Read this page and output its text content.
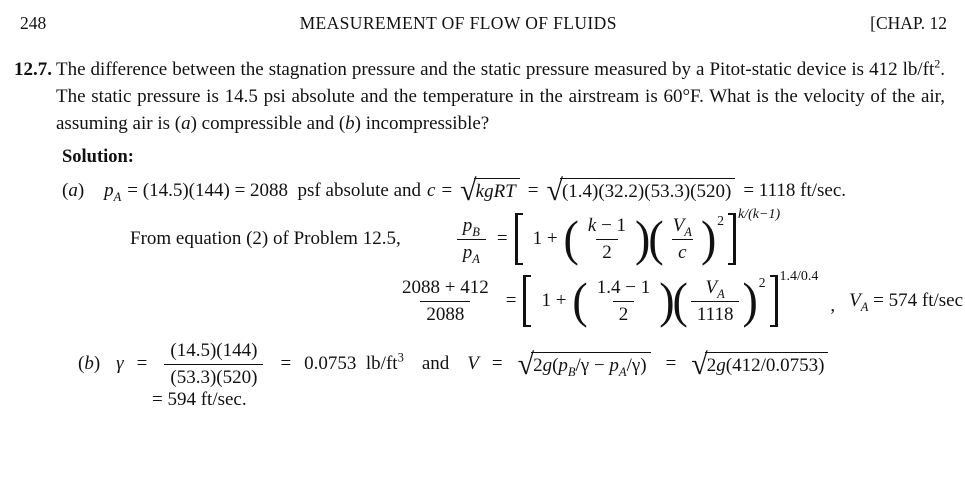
248	MEASUREMENT OF FLOW OF FLUIDS	[CHAP. 12
12.7. The difference between the stagnation pressure and the static pressure measured by a Pitot-static device is 412 $lb/ft^2$. The static pressure is 14.5 psi absolute and the temperature in the airstream is 60°F. What is the velocity of the air, assuming air is (a) compressible and (b) incompressible?

Solution:
(a) $p_A = (14.5)(144) = 2088$  psf absolute and c = √ kgRT = √ (1.4)(32.2)(53.3)(520) = 1118 ft/sec.
From equation (2) of Problem 12.5,	$\frac{p_B}{p_A} = 1$ + ( $\frac{k - 1}{2}$ )
( $\frac{V_A}{c}$ ) 2 k/(k−1)
$\frac{2088 + 412}{2088} = 1$ + ( $\frac{1.4 - 1}{2}$ )
( $\frac{V_A}{1118}$ ) 2 1.4/0.4
, $V_A = 574$ ft/sec
(b) $\gamma = \frac{(14.5)(144)}{(53.3)(520)} = 0.0753$  $lb/ft^3$ and V = √ $2g(p_B/\gamma - p_A/\gamma)$ = √ 2g(412/0.0753)
= 594 ft/sec.
